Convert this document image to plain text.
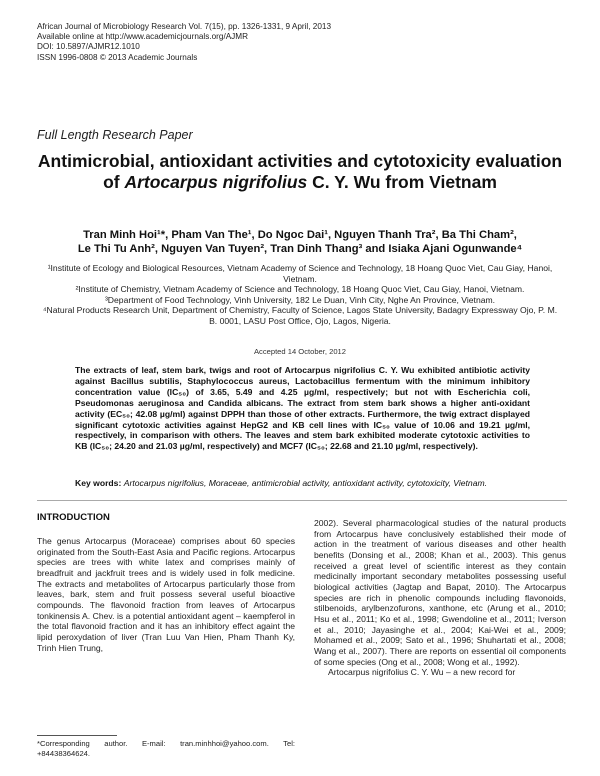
African Journal of Microbiology Research Vol. 7(15), pp. 1326-1331, 9 April, 2013
Available online at http://www.academicjournals.org/AJMR
DOI: 10.5897/AJMR12.1010
ISSN 1996-0808 © 2013 Academic Journals
Full Length Research Paper
Antimicrobial, antioxidant activities and cytotoxicity evaluation of Artocarpus nigrifolius C. Y. Wu from Vietnam
Tran Minh Hoi¹*, Pham Van The¹, Do Ngoc Dai¹, Nguyen Thanh Tra², Ba Thi Cham²,
Le Thi Tu Anh², Nguyen Van Tuyen², Tran Dinh Thang³ and Isiaka Ajani Ogunwande⁴
¹Institute of Ecology and Biological Resources, Vietnam Academy of Science and Technology, 18 Hoang Quoc Viet, Cau Giay, Hanoi, Vietnam.
²Institute of Chemistry, Vietnam Academy of Science and Technology, 18 Hoang Quoc Viet, Cau Giay, Hanoi, Vietnam.
³Department of Food Technology, Vinh University, 182 Le Duan, Vinh City, Nghe An Province, Vietnam.
⁴Natural Products Research Unit, Department of Chemistry, Faculty of Science, Lagos State University, Badagry Expressway Ojo, P. M. B. 0001, LASU Post Office, Ojo, Lagos, Nigeria.
Accepted 14 October, 2012
The extracts of leaf, stem bark, twigs and root of Artocarpus nigrifolius C. Y. Wu exhibited antibiotic activity against Bacillus subtilis, Staphylococcus aureus, Lactobacillus fermentum with the minimum inhibitory concentration value (IC₅₀) of 3.65, 5.49 and 4.25 µg/ml, respectively; but not with Escherichia coli, Pseudomonas aeruginosa and Candida albicans. The extract from stem bark shows a higher anti-oxidant activity (EC₅₀; 42.08 µg/ml) against DPPH than those of other extracts. Furthermore, the twig extract displayed significant cytotoxic activities against HepG2 and KB cell lines with IC₅₀ value of 10.06 and 19.21 µg/ml, respectively, in comparison with others. The leaves and stem bark exhibited moderate cytotoxic activities to KB (IC₅₀; 24.20 and 21.03 µg/ml, respectively) and MCF7 (IC₅₀; 22.68 and 21.10 µg/ml, respectively).
Key words: Artocarpus nigrifolius, Moraceae, antimicrobial activity, antioxidant activity, cytotoxicity, Vietnam.
INTRODUCTION

The genus Artocarpus (Moraceae) comprises about 60 species originated from the South-East Asia and Pacific regions. Artocarpus species are trees with white latex and comprises mainly of breadfruit and jackfruit trees and is widely used in folk medicine. The extracts and metabolites of Artocarpus particularly those from leaves, bark, stem and fruit possess several useful bioactive compounds. The flavonoid fraction from leaves of Artocarpus tonkinensis A. Chev. is a potential antioxidant agent – kaempferol in the total flavonoid fraction and it has an inhibitory effect againt the lipid peroxydation of liver (Tran Luu Van Hien, Pham Thanh Ky, Trinh Hien Trung,

2002). Several pharmacological studies of the natural products from Artocarpus have conclusively established their mode of action in the treatment of various diseases and other health benefits (Donsing et al., 2008; Khan et al., 2003). This genus received a great level of scientific interest as they contain medicinally important secondary metabolites possessing useful biological activities (Jagtap and Bapat, 2010). The Artocarpus species are rich in phenolic compounds including flavonoids, stilbenoids, arylbenzofurons, xanthone, etc (Arung et al., 2010; Hsu et al., 2011; Ko et al., 1998; Gwendoline et al., 2011; Iverson et al., 2010; Jayasinghe et al., 2004; Kai-Wei et al., 2009; Mohamed et al., 2009; Sato et al., 1996; Shuhartati et al., 2008; Wang et al., 2007). There are reports on essential oil components of some species (Ong et al., 2008; Wong et al., 1992).

Artocarpus nigrifolius C. Y. Wu – a new record for

*Corresponding author. E-mail: tran.minhhoi@yahoo.com. Tel: +84438364624.
